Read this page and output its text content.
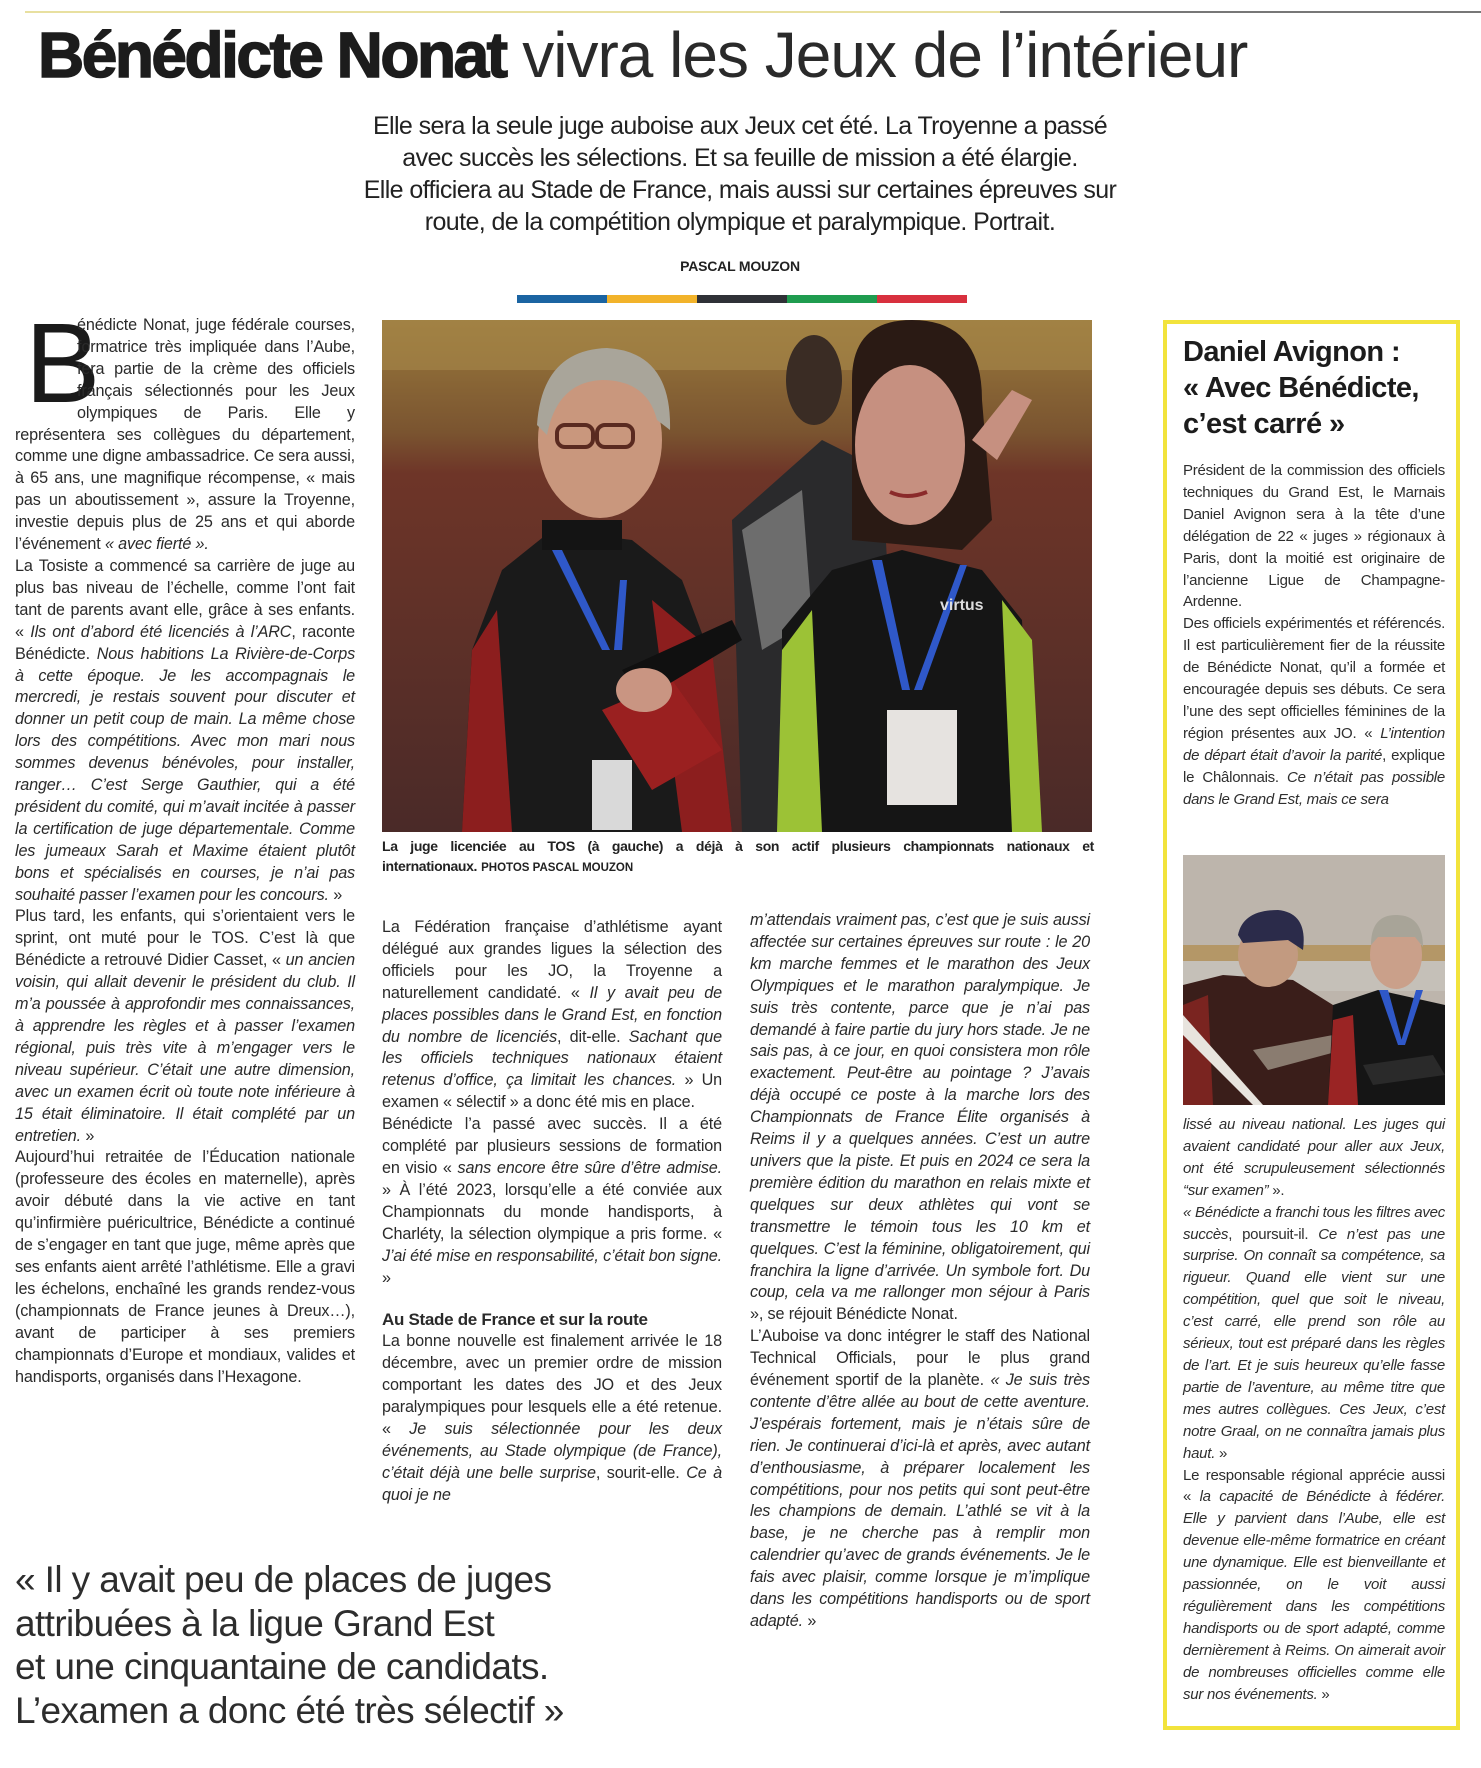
Bénédicte Nonat vivra les Jeux de l’intérieur
Elle sera la seule juge auboise aux Jeux cet été. La Troyenne a passé
avec succès les sélections. Et sa feuille de mission a été élargie.
Elle officiera au Stade de France, mais aussi sur certaines épreuves sur
route, de la compétition olympique et paralympique. Portrait.
PASCAL MOUZON

B
énédicte Nonat, juge fédérale courses, formatrice très impliquée dans l’Aube, fera partie de la crème des officiels français sélectionnés pour les Jeux olympiques de Paris. Elle y représentera ses collègues du département, comme une digne ambassadrice. Ce sera aussi, à 65 ans, une magnifique récompense, « mais pas un aboutissement », assure la Troyenne, investie depuis plus de 25 ans et qui aborde l’événement « avec fierté ».

La Tosiste a commencé sa carrière de juge au plus bas niveau de l’échelle, comme l’ont fait tant de parents avant elle, grâce à ses enfants. « Ils ont d’abord été licenciés à l’ARC, raconte Bénédicte. Nous habitions La Rivière-de-Corps à cette époque. Je les accompagnais le mercredi, je restais souvent pour discuter et donner un petit coup de main. La même chose lors des compétitions. Avec mon mari nous sommes devenus bénévoles, pour installer, ranger… C’est Serge Gauthier, qui a été président du comité, qui m’avait incitée à passer la certification de juge départementale. Comme les jumeaux Sarah et Maxime étaient plutôt bons et spécialisés en courses, je n’ai pas souhaité passer l’examen pour les concours. »

Plus tard, les enfants, qui s’orientaient vers le sprint, ont muté pour le TOS. C’est là que Bénédicte a retrouvé Didier Casset, « un ancien voisin, qui allait devenir le président du club. Il m’a poussée à approfondir mes connaissances, à apprendre les règles et à passer l’examen régional, puis très vite à m’engager vers le niveau supérieur. C’était une autre dimension, avec un examen écrit où toute note inférieure à 15 était éliminatoire. Il était complété par un entretien. »

Aujourd’hui retraitée de l’Éducation nationale (professeure des écoles en maternelle), après avoir débuté dans la vie active en tant qu’infirmière puéricultrice, Bénédicte a continué de s’engager en tant que juge, même après que ses enfants aient arrêté l’athlétisme. Elle a gravi les échelons, enchaîné les grands rendez-vous (championnats de France jeunes à Dreux…), avant de participer à ses premiers championnats d’Europe et mondiaux, valides et handisports, organisés dans l’Hexagone.

virtus
La juge licenciée au TOS (à gauche) a déjà à son actif plusieurs championnats nationaux et internationaux. PHOTOS PASCAL MOUZON

La Fédération française d’athlétisme ayant délégué aux grandes ligues la sélection des officiels pour les JO, la Troyenne a naturellement candidaté. « Il y avait peu de places possibles dans le Grand Est, en fonction du nombre de licenciés, dit-elle. Sachant que les officiels techniques nationaux étaient retenus d’office, ça limitait les chances. » Un examen « sélectif » a donc été mis en place.

Bénédicte l’a passé avec succès. Il a été complété par plusieurs sessions de formation en visio « sans encore être sûre d’être admise. » À l’été 2023, lorsqu’elle a été conviée aux Championnats du monde handisports, à Charléty, la sélection olympique a pris forme. « J’ai été mise en responsabilité, c’était bon signe. »

Au Stade de France et sur la route

La bonne nouvelle est finalement arrivée le 18 décembre, avec un premier ordre de mission comportant les dates des JO et des Jeux paralympiques pour lesquels elle a été retenue. « Je suis sélectionnée pour les deux événements, au Stade olympique (de France), c’était déjà une belle surprise, sourit-elle. Ce à quoi je ne

m’attendais vraiment pas, c’est que je suis aussi affectée sur certaines épreuves sur route : le 20 km marche femmes et le marathon des Jeux Olympiques et le marathon paralympique. Je suis très contente, parce que je n’ai pas demandé à faire partie du jury hors stade. Je ne sais pas, à ce jour, en quoi consistera mon rôle exactement. Peut-être au pointage ? J’avais déjà occupé ce poste à la marche lors des Championnats de France Élite organisés à Reims il y a quelques années. C’est un autre univers que la piste. Et puis en 2024 ce sera la première édition du marathon en relais mixte et quelques sur deux athlètes qui vont se transmettre le témoin tous les 10 km et quelques. C’est la féminine, obligatoirement, qui franchira la ligne d’arrivée. Un symbole fort. Du coup, cela va me rallonger mon séjour à Paris », se réjouit Bénédicte Nonat.

L’Auboise va donc intégrer le staff des National Technical Officials, pour le plus grand événement sportif de la planète. « Je suis très contente d’être allée au bout de cette aventure. J’espérais fortement, mais je n’étais sûre de rien. Je continuerai d’ici-là et après, avec autant d’enthousiasme, à préparer localement les compétitions, pour nos petits qui sont peut-être les champions de demain. L’athlé se vit à la base, je ne cherche pas à remplir mon calendrier qu’avec de grands événements. Je le fais avec plaisir, comme lorsque je m’implique dans les compétitions handisports ou de sport adapté. »

« Il y avait peu de places de juges
attribuées à la ligue Grand Est
et une cinquantaine de candidats.
L’examen a donc été très sélectif »
Daniel Avignon :
« Avec Bénédicte,
c’est carré »

Président de la commission des officiels techniques du Grand Est, le Marnais Daniel Avignon sera à la tête d’une délégation de 22 « juges » régionaux à Paris, dont la moitié est originaire de l’ancienne Ligue de Champagne-Ardenne.

Des officiels expérimentés et référencés. Il est particulièrement fier de la réussite de Bénédicte Nonat, qu’il a formée et encouragée depuis ses débuts. Ce sera l’une des sept officielles féminines de la région présentes aux JO. « L’intention de départ était d’avoir la parité, explique le Châlonnais. Ce n’était pas possible dans le Grand Est, mais ce sera

lissé au niveau national. Les juges qui avaient candidaté pour aller aux Jeux, ont été scrupuleusement sélectionnés “sur examen” ».

« Bénédicte a franchi tous les filtres avec succès, poursuit-il. Ce n’est pas une surprise. On connaît sa compétence, sa rigueur. Quand elle vient sur une compétition, quel que soit le niveau, c’est carré, elle prend son rôle au sérieux, tout est préparé dans les règles de l’art. Et je suis heureux qu’elle fasse partie de l’aventure, au même titre que mes autres collègues. Ces Jeux, c’est notre Graal, on ne connaîtra jamais plus haut. »

Le responsable régional apprécie aussi « la capacité de Bénédicte à fédérer. Elle y parvient dans l’Aube, elle est devenue elle-même formatrice en créant une dynamique. Elle est bienveillante et passionnée, on le voit aussi régulièrement dans les compétitions handisports ou de sport adapté, comme dernièrement à Reims. On aimerait avoir de nombreuses officielles comme elle sur nos événements. »
